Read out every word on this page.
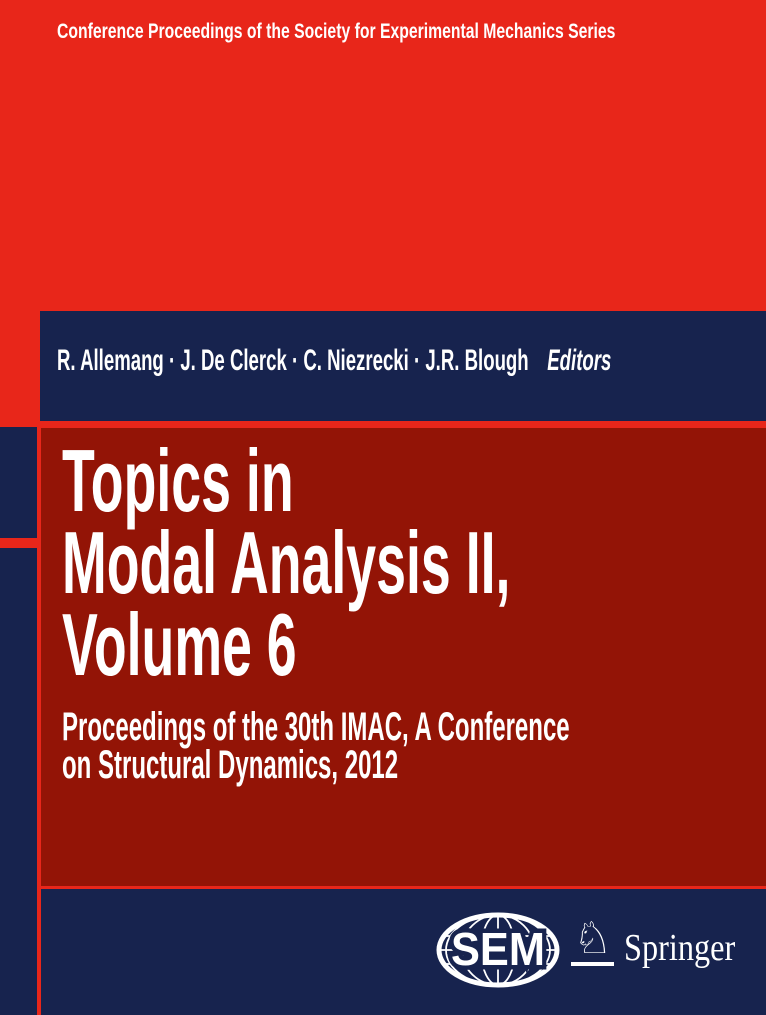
Conference Proceedings of the Society for Experimental Mechanics Series
R. Allemang · J. De Clerck · C. Niezrecki · J.R. Blough Editors
Topics in
Modal Analysis II,
Volume 6
Proceedings of the 30th IMAC, A Conference
on Structural Dynamics, 2012
SEM ♘ Springer
